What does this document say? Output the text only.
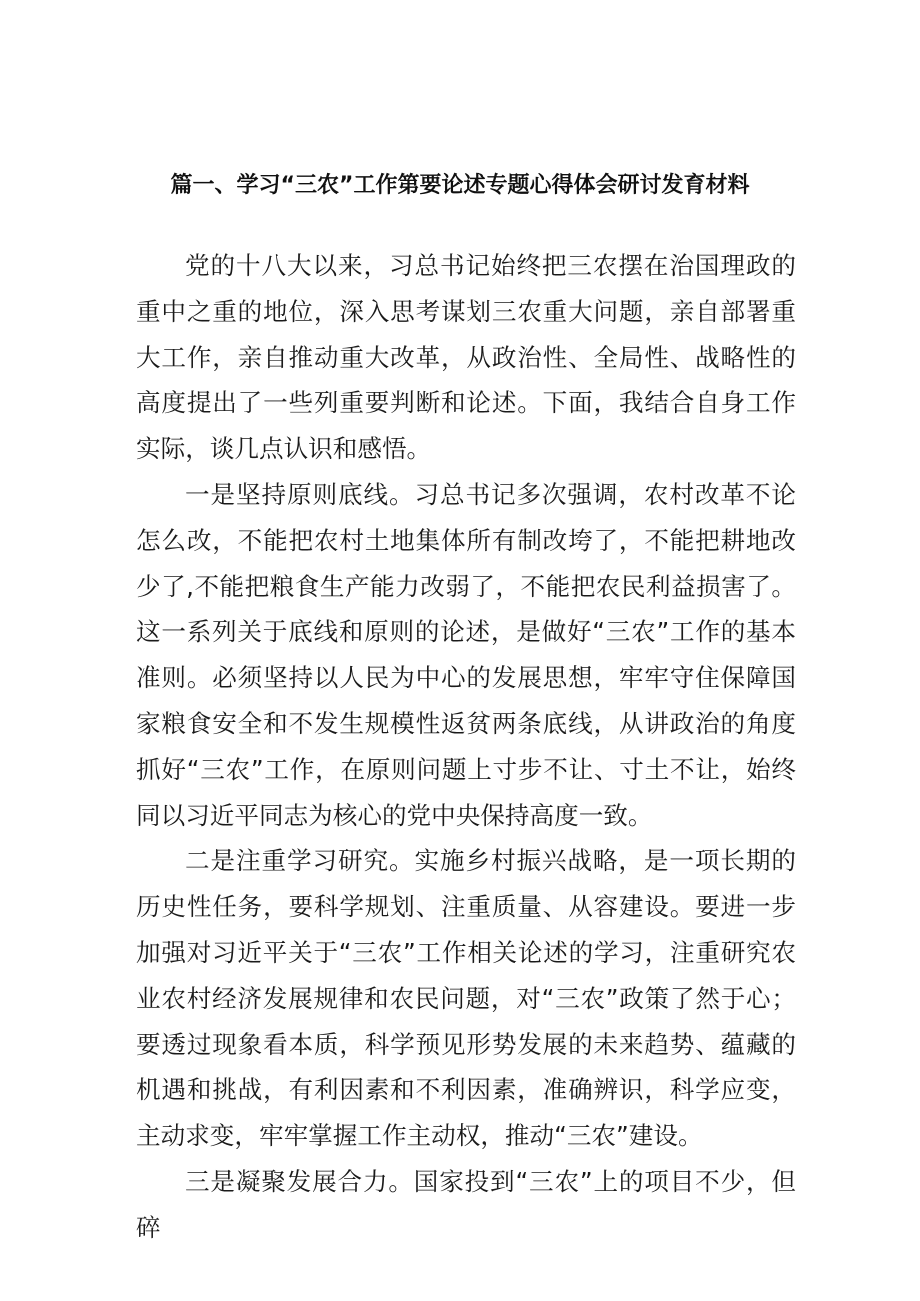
篇一、学习“三农”工作第要论述专题心得体会研讨发育材料

党的十八大以来，习总书记始终把三农摆在治国理政的重中之重的地位，深入思考谋划三农重大问题，亲自部署重大工作，亲自推动重大改革，从政治性、全局性、战略性的高度提出了一些列重要判断和论述。下面，我结合自身工作实际，谈几点认识和感悟。

一是坚持原则底线。习总书记多次强调，农村改革不论怎么改，不能把农村土地集体所有制改垮了，不能把耕地改少了,不能把粮食生产能力改弱了，不能把农民利益损害了。这一系列关于底线和原则的论述，是做好“三农”工作的基本准则。必须坚持以人民为中心的发展思想，牢牢守住保障国家粮食安全和不发生规模性返贫两条底线，从讲政治的角度抓好“三农”工作，在原则问题上寸步不让、寸土不让，始终同以习近平同志为核心的党中央保持高度一致。

二是注重学习研究。实施乡村振兴战略，是一项长期的历史性任务，要科学规划、注重质量、从容建设。要进一步加强对习近平关于“三农”工作相关论述的学习，注重研究农业农村经济发展规律和农民问题，对“三农”政策了然于心；要透过现象看本质，科学预见形势发展的未来趋势、蕴藏的机遇和挑战，有利因素和不利因素，准确辨识，科学应变，主动求变，牢牢掌握工作主动权，推动“三农”建设。

三是凝聚发展合力。国家投到“三农”上的项目不少，但碎
